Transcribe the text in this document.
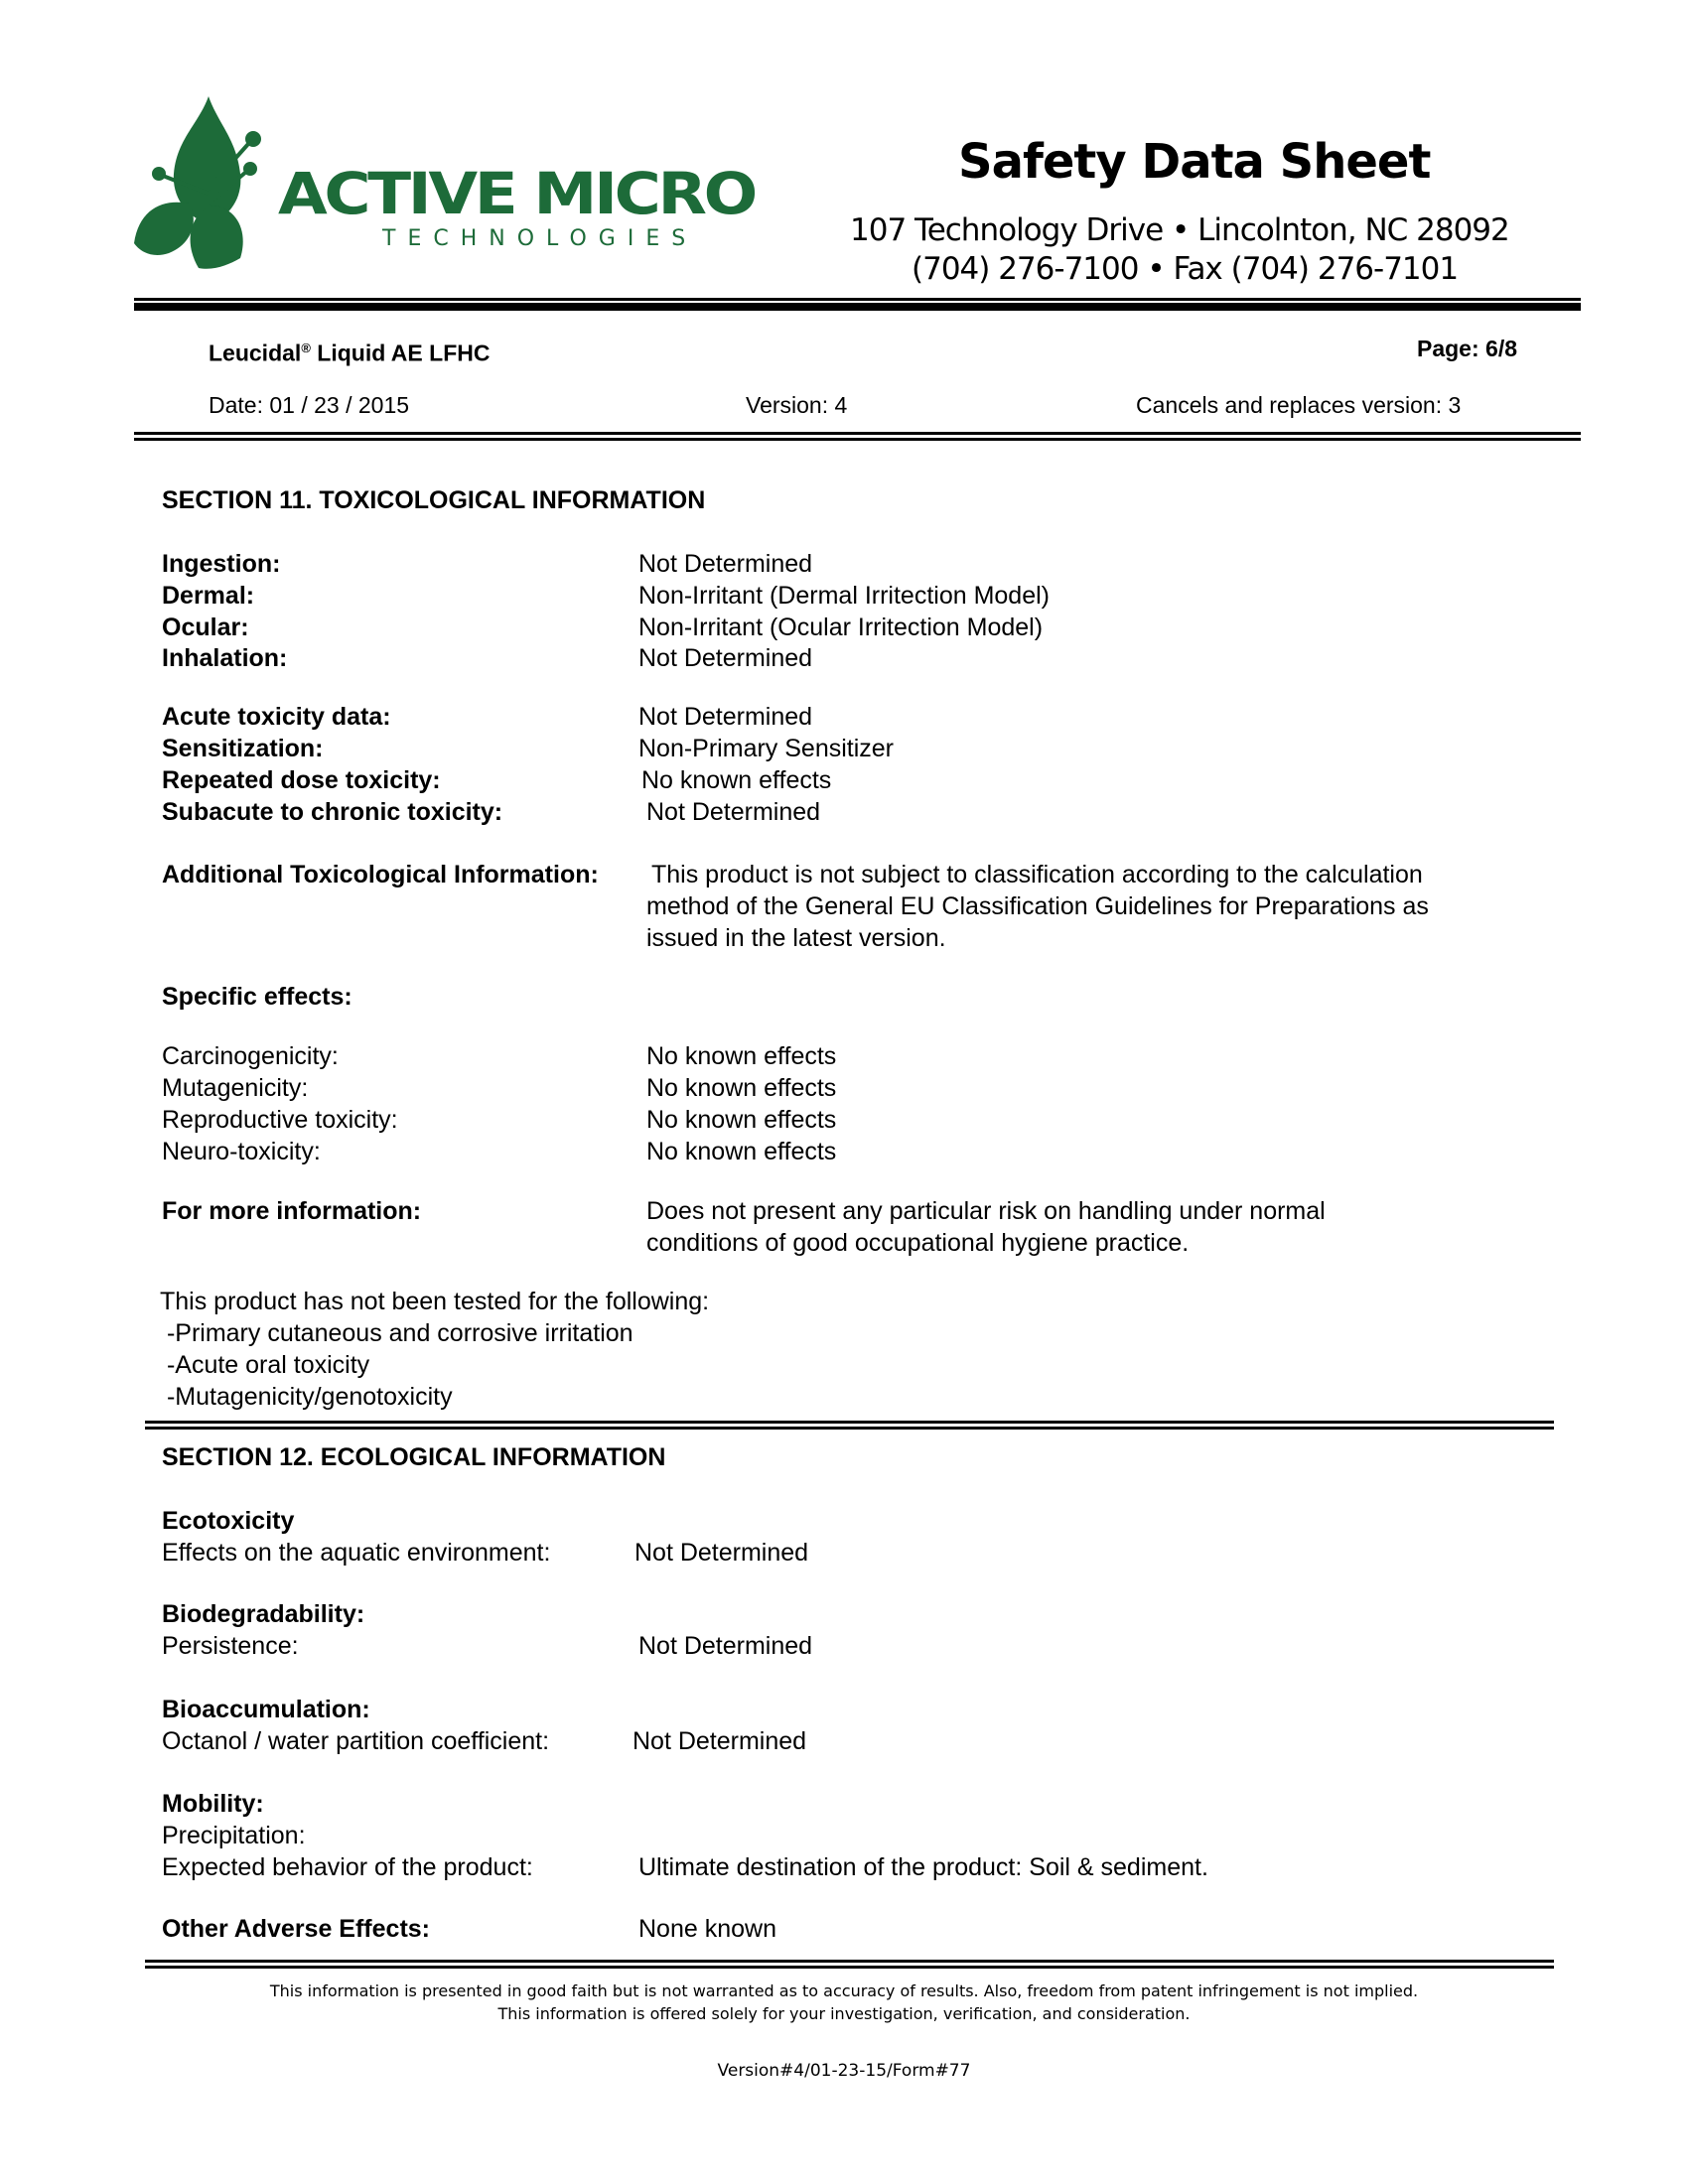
ACTIVE MICRO
TECHNOLOGIES
Safety Data Sheet
107 Technology Drive • Lincolnton, NC 28092
(704) 276-7100 • Fax (704) 276-7101
Leucidal® Liquid AE LFHC	Page: 6/8
Date: 01 / 23 / 2015	Version: 4	Cancels and replaces version: 3
SECTION 11. TOXICOLOGICAL INFORMATION
Ingestion:	Not Determined
Dermal:	Non-Irritant (Dermal Irritection Model)
Ocular:	Non-Irritant (Ocular Irritection Model)
Inhalation:	Not Determined
Acute toxicity data:	Not Determined
Sensitization:	Non-Primary Sensitizer
Repeated dose toxicity:	No known effects
Subacute to chronic toxicity:	Not Determined
Additional Toxicological Information: This product is not subject to classification according to the calculation
method of the General EU Classification Guidelines for Preparations as
issued in the latest version.
Specific effects:
Carcinogenicity:	No known effects
Mutagenicity:	No known effects
Reproductive toxicity:	No known effects
Neuro-toxicity:	No known effects
For more information:	Does not present any particular risk on handling under normal
conditions of good occupational hygiene practice.
This product has not been tested for the following:
-Primary cutaneous and corrosive irritation
-Acute oral toxicity
-Mutagenicity/genotoxicity
SECTION 12. ECOLOGICAL INFORMATION
Ecotoxicity
Effects on the aquatic environment:	Not Determined
Biodegradability:
Persistence:	Not Determined
Bioaccumulation:
Octanol / water partition coefficient:	Not Determined
Mobility:
Precipitation:
Expected behavior of the product:	Ultimate destination of the product: Soil & sediment.
Other Adverse Effects:	None known
This information is presented in good faith but is not warranted as to accuracy of results. Also, freedom from patent infringement is not implied.
This information is offered solely for your investigation, verification, and consideration.
Version#4/01-23-15/Form#77
